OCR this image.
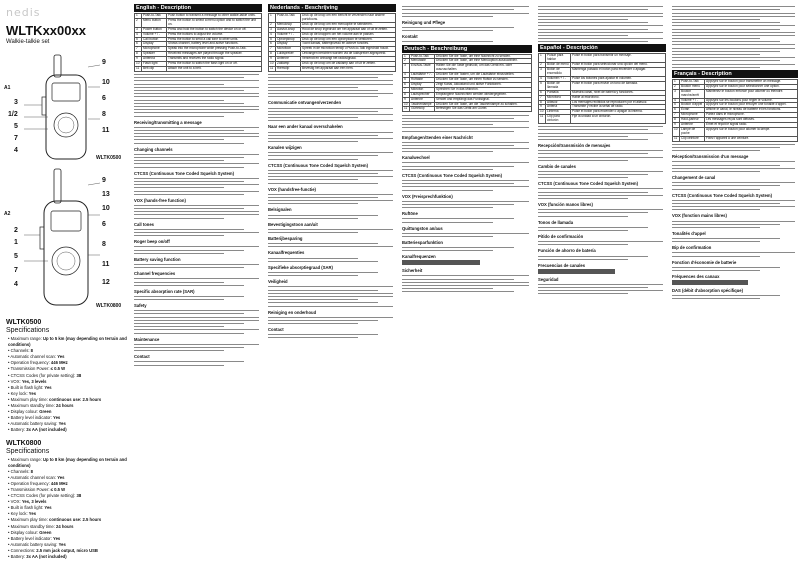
nedis
WLTKxx00xx
Walkie-talkie set
9
10
6
8
11
3
1/2
5
7
4
A1
WLTK0500
9
13
10
6
8
11
2
1
5
7
4	12
A2
WLTK0800
WLTK0500
Specifications
• Maximum range: Up to 5 km (may depending on terrain and conditions)
• Channels: 8
• Automatic channel scan: Yes
• Operation frequency: 446 MHz
• Transmission Power: ≤ 0.5 W
• CTCSS Codes (for private setting): 38
• VOX: Yes, 3 levels
• Built in flash light: Yes
• Key lock: Yes
• Maximum play time: continuous use: 2.5 hours
• Maximum standby time: 24 hours
• Display colour: Green
• Battery level indicator: Yes
• Automatic battery saving: Yes
• Battery: 3x AA (not included)
WLTK0800
Specifications
• Maximum range: Up to 8 km (may depending on terrain and conditions)
• Channels: 8
• Automatic channel scan: Yes
• Operation frequency: 446 MHz
• Transmission Power: ≤ 0.5 W
• CTCSS Codes (for private setting): 38
• VOX: Yes, 3 levels
• Built in flash light: Yes
• Key lock: Yes
• Maximum play time: continuous use: 2.5 hours
• Maximum standby time: 24 hours
• Display colour: Green
• Battery level indicator: Yes
• Automatic battery saving: Yes
• Connections: 2.5 mm jack output, micro USB
• Battery: 3x AA (not included)
English - Description
1	Push-to-Talk	Push button to transmit a message to other walkie-talkie units.
2	Menu button	Press the button to select a menu option and to switch the unit on.
3	Power button	Press and hold the button to switch the device on or off.
4	Volume + / -	Press the buttons to adjust the volume.
5	Call button	Press the button to send a call tone to other units.
6	Display	Shows channel, battery level and active functions.
7	Microphone	Speak into the microphone while pressing Push-to-Talk.
8	Speaker	Received messages are played through the speaker.
9	Antenna	Transmits and receives the radio signal.
10	Flash light	Press the button to switch the flash light on or off.
11	Belt clip	Attach the unit to a belt.
Receiving/transmitting a message
Changing channels
CTCSS (Continuous Tone Coded Squelch System)
VOX (hands-free function)
Call tones
Roger beep on/off
Battery saving function
Channel frequencies
Specific absorption rate (SAR)
Safety
Maintenance
Contact
Nederlands - Beschrijving
1	Push-to-Talk	Druk op de knop om een bericht te verzenden naar andere portofoons.
2	Menuknop	Druk op de knop om een menuoptie te selecteren.
3	Aan/uit-knop	Houd de knop ingedrukt om het apparaat aan of uit te zetten.
4	Volume + / -	Druk op de knoppen om het volume aan te passen.
5	Oproepknop	Druk op de knop om een oproeptoon te versturen.
6	Display	Toont kanaal, batterijniveau en actieve functies.
7	Microfoon	Spreek in de microfoon terwijl u Push-to-Talk ingedrukt houdt.
8	Luidspreker	Ontvangen berichten worden via de luidspreker afgespeeld.
9	Antenne	Verzendt en ontvangt het radiosignaal.
10	Zaklamp	Druk op de knop om de zaklamp aan of uit te zetten.
11	Riemclip	Bevestig het apparaat aan een riem.
Communicatie ontvangen/verzenden
Naar een ander kanaal overschakelen
Kanalen wijzigen
CTCSS (Continuous Tone Coded Squelch System)
VOX (handsfree-functie)
Belsignalen
Bevestigingstoon aan/uit
Batterijbesparing
Kanaalfrequenties
Specifieke absorptiegraad (SAR)
Veiligheid
Reiniging en onderhoud
Contact
Reinigung und Pflege
Kontakt
Deutsch - Beschreibung
1	Push-to-Talk	Drücken Sie die Taste, um eine Nachricht zu senden.
2	Menütaste	Drücken Sie die Taste, um eine Menüoption auszuwählen.
3	Ein/Aus-Taste	Halten Sie die Taste gedrückt, um das Gerät ein- oder auszuschalten.
4	Lautstärke + / -	Drücken Sie die Tasten, um die Lautstärke einzustellen.
5	Ruftaste	Drücken Sie die Taste, um einen Rufton zu senden.
6	Display	Zeigt Kanal, Akkustand und aktive Funktionen.
7	Mikrofon	Sprechen Sie in das Mikrofon.
8	Lautsprecher	Empfangene Nachrichten werden wiedergegeben.
9	Antenne	Sendet und empfängt das Funksignal.
10	Taschenlampe	Drücken Sie die Taste, um die Taschenlampe zu schalten.
11	Gürtelclip	Befestigen Sie das Gerät am Gürtel.
Empfangen/Senden einer Nachricht
Kanalwechsel
CTCSS (Continuous Tone Coded Squelch System)
VOX (Freisprechfunktion)
Ruftöne
Quittungston an/aus
Batteriesparfunktion
Kanalfrequenzen

Sicherheit
Español - Descripción
1	Pulsar para hablar	Pulse el botón para transmitir un mensaje.
2	Botón de menú	Pulse el botón para seleccionar una opción del menú.
3	Botón de encendido	Mantenga pulsado el botón para encender o apagar.
4	Volumen + / -	Pulse los botones para ajustar el volumen.
5	Botón de llamada	Pulse el botón para enviar un tono de llamada.
6	Pantalla	Muestra canal, nivel de batería y funciones.
7	Micrófono	Hable al micrófono.
8	Altavoz	Los mensajes recibidos se reproducen por el altavoz.
9	Antena	Transmite y recibe la señal de radio.
10	Linterna	Pulse el botón para encender o apagar la linterna.
11	Clip para cinturón	Fije la unidad a un cinturón.
Recepción/transmisión de mensajes
Cambio de canales
CTCSS (Continuous Tone Coded Squelch System)
VOX (función manos libres)
Tonos de llamada
Pitido de confirmación
Función de ahorro de batería
Frecuencias de canales

Seguridad
Français - Description
1	Push-to-Talk	Appuyez sur le bouton pour transmettre un message.
2	Bouton menu	Appuyez sur le bouton pour sélectionner une option.
3	Bouton marche/arrêt	Maintenez le bouton enfoncé pour allumer ou éteindre.
4	Volume + / -	Appuyez sur les boutons pour régler le volume.
5	Bouton d'appel	Appuyez sur le bouton pour envoyer une tonalité d'appel.
6	Écran	Affiche le canal, le niveau de batterie et les fonctions.
7	Microphone	Parlez dans le microphone.
8	Haut-parleur	Les messages reçus sont diffusés.
9	Antenne	Émet et reçoit le signal radio.
10	Lampe de poche	Appuyez sur le bouton pour allumer la lampe.
11	Clip ceinture	Fixez l'appareil à une ceinture.
Réception/transmission d'un message
Changement de canal
CTCSS (Continuous Tone Coded Squelch System)
VOX (fonction mains libres)
Tonalités d'appel
Bip de confirmation
Fonction d'économie de batterie
Fréquences des canaux

DAS (débit d'absorption spécifique)
